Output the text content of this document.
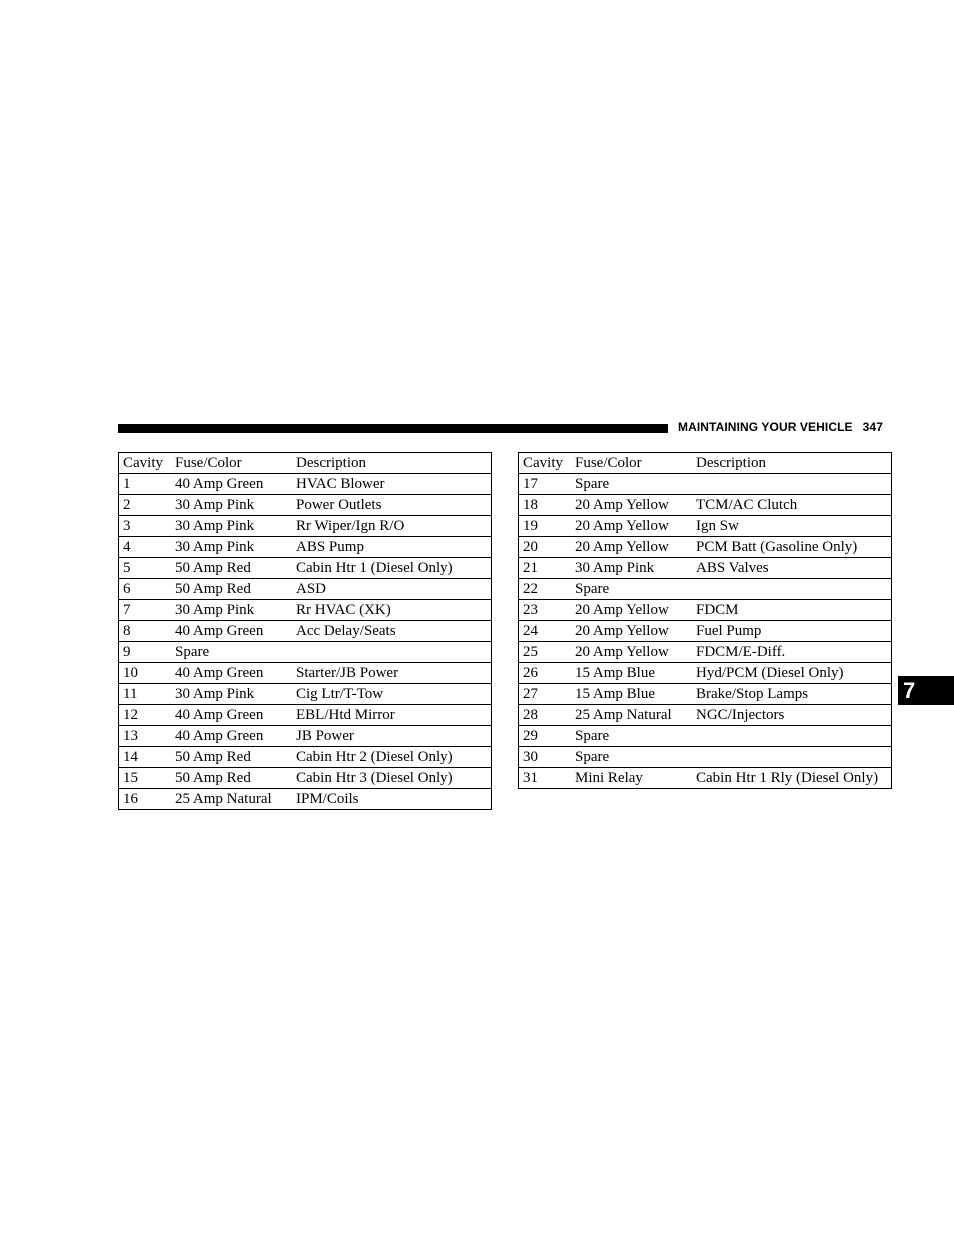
MAINTAINING YOUR VEHICLE 347
7
Cavity	Fuse/Color	Description
1	40 Amp Green	HVAC Blower
2	30 Amp Pink	Power Outlets
3	30 Amp Pink	Rr Wiper/Ign R/O
4	30 Amp Pink	ABS Pump
5	50 Amp Red	Cabin Htr 1 (Diesel Only)
6	50 Amp Red	ASD
7	30 Amp Pink	Rr HVAC (XK)
8	40 Amp Green	Acc Delay/Seats
9	Spare	
10	40 Amp Green	Starter/JB Power
11	30 Amp Pink	Cig Ltr/T-Tow
12	40 Amp Green	EBL/Htd Mirror
13	40 Amp Green	JB Power
14	50 Amp Red	Cabin Htr 2 (Diesel Only)
15	50 Amp Red	Cabin Htr 3 (Diesel Only)
16	25 Amp Natural	IPM/Coils
Cavity	Fuse/Color	Description
17	Spare	
18	20 Amp Yellow	TCM/AC Clutch
19	20 Amp Yellow	Ign Sw
20	20 Amp Yellow	PCM Batt (Gasoline Only)
21	30 Amp Pink	ABS Valves
22	Spare	
23	20 Amp Yellow	FDCM
24	20 Amp Yellow	Fuel Pump
25	20 Amp Yellow	FDCM/E-Diff.
26	15 Amp Blue	Hyd/PCM (Diesel Only)
27	15 Amp Blue	Brake/Stop Lamps
28	25 Amp Natural	NGC/Injectors
29	Spare	
30	Spare	
31	Mini Relay	Cabin Htr 1 Rly (Diesel Only)
